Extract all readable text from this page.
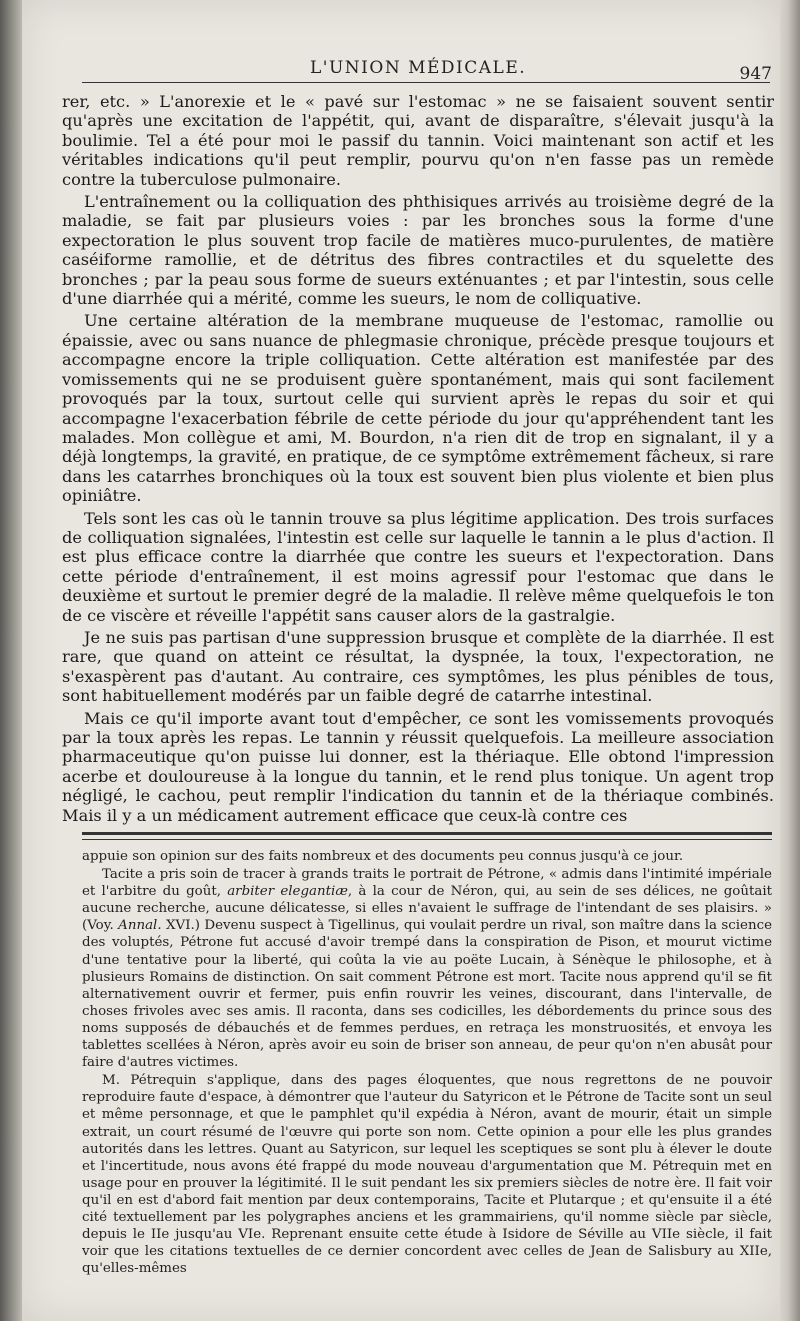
L'UNION MÉDICALE.	947

rer, etc. » L'anorexie et le « pavé sur l'estomac » ne se faisaient souvent sentir qu'après une excitation de l'appétit, qui, avant de disparaître, s'élevait jusqu'à la boulimie. Tel a été pour moi le passif du tannin. Voici maintenant son actif et les véritables indications qu'il peut remplir, pourvu qu'on n'en fasse pas un remède contre la tuberculose pulmonaire.

L'entraînement ou la colliquation des phthisiques arrivés au troisième degré de la maladie, se fait par plusieurs voies : par les bronches sous la forme d'une expectoration le plus souvent trop facile de matières muco-purulentes, de matière caséiforme ramollie, et de détritus des fibres contractiles et du squelette des bronches ; par la peau sous forme de sueurs exténuantes ; et par l'intestin, sous celle d'une diarrhée qui a mérité, comme les sueurs, le nom de colliquative.

Une certaine altération de la membrane muqueuse de l'estomac, ramollie ou épaissie, avec ou sans nuance de phlegmasie chronique, précède presque toujours et accompagne encore la triple colliquation. Cette altération est manifestée par des vomissements qui ne se produisent guère spontanément, mais qui sont facilement provoqués par la toux, surtout celle qui survient après le repas du soir et qui accompagne l'exacerbation fébrile de cette période du jour qu'appréhendent tant les malades. Mon collègue et ami, M. Bourdon, n'a rien dit de trop en signalant, il y a déjà longtemps, la gravité, en pratique, de ce symptôme extrêmement fâcheux, si rare dans les catarrhes bronchiques où la toux est souvent bien plus violente et bien plus opiniâtre.

Tels sont les cas où le tannin trouve sa plus légitime application. Des trois surfaces de colliquation signalées, l'intestin est celle sur laquelle le tannin a le plus d'action. Il est plus efficace contre la diarrhée que contre les sueurs et l'expectoration. Dans cette période d'entraînement, il est moins agressif pour l'estomac que dans le deuxième et surtout le premier degré de la maladie. Il relève même quelquefois le ton de ce viscère et réveille l'appétit sans causer alors de la gastralgie.

Je ne suis pas partisan d'une suppression brusque et complète de la diarrhée. Il est rare, que quand on atteint ce résultat, la dyspnée, la toux, l'expectoration, ne s'exaspèrent pas d'autant. Au contraire, ces symptômes, les plus pénibles de tous, sont habituellement modérés par un faible degré de catarrhe intestinal.

Mais ce qu'il importe avant tout d'empêcher, ce sont les vomissements provoqués par la toux après les repas. Le tannin y réussit quelquefois. La meilleure association pharmaceutique qu'on puisse lui donner, est la thériaque. Elle obtond l'impression acerbe et douloureuse à la longue du tannin, et le rend plus tonique. Un agent trop négligé, le cachou, peut remplir l'indication du tannin et de la thériaque combinés. Mais il y a un médicament autrement efficace que ceux-là contre ces

appuie son opinion sur des faits nombreux et des documents peu connus jusqu'à ce jour.

Tacite a pris soin de tracer à grands traits le portrait de Pétrone, « admis dans l'intimité impériale et l'arbitre du goût, arbiter elegantiæ, à la cour de Néron, qui, au sein de ses délices, ne goûtait aucune recherche, aucune délicatesse, si elles n'avaient le suffrage de l'intendant de ses plaisirs. » (Voy. Annal. XVI.) Devenu suspect à Tigellinus, qui voulait perdre un rival, son maître dans la science des voluptés, Pétrone fut accusé d'avoir trempé dans la conspiration de Pison, et mourut victime d'une tentative pour la liberté, qui coûta la vie au poëte Lucain, à Sénèque le philosophe, et à plusieurs Romains de distinction. On sait comment Pétrone est mort. Tacite nous apprend qu'il se fit alternativement ouvrir et fermer, puis enfin rouvrir les veines, discourant, dans l'intervalle, de choses frivoles avec ses amis. Il raconta, dans ses codicilles, les débordements du prince sous des noms supposés de débauchés et de femmes perdues, en retraça les monstruosités, et envoya les tablettes scellées à Néron, après avoir eu soin de briser son anneau, de peur qu'on n'en abusât pour faire d'autres victimes.

M. Pétrequin s'applique, dans des pages éloquentes, que nous regrettons de ne pouvoir reproduire faute d'espace, à démontrer que l'auteur du Satyricon et le Pétrone de Tacite sont un seul et même personnage, et que le pamphlet qu'il expédia à Néron, avant de mourir, était un simple extrait, un court résumé de l'œuvre qui porte son nom. Cette opinion a pour elle les plus grandes autorités dans les lettres. Quant au Satyricon, sur lequel les sceptiques se sont plu à élever le doute et l'incertitude, nous avons été frappé du mode nouveau d'argumentation que M. Pétrequin met en usage pour en prouver la légitimité. Il le suit pendant les six premiers siècles de notre ère. Il fait voir qu'il en est d'abord fait mention par deux contemporains, Tacite et Plutarque ; et qu'ensuite il a été cité textuellement par les polygraphes anciens et les grammairiens, qu'il nomme siècle par siècle, depuis le IIe jusqu'au VIe. Reprenant ensuite cette étude à Isidore de Séville au VIIe siècle, il fait voir que les citations textuelles de ce dernier concordent avec celles de Jean de Salisbury au XIIe, qu'elles-mêmes
